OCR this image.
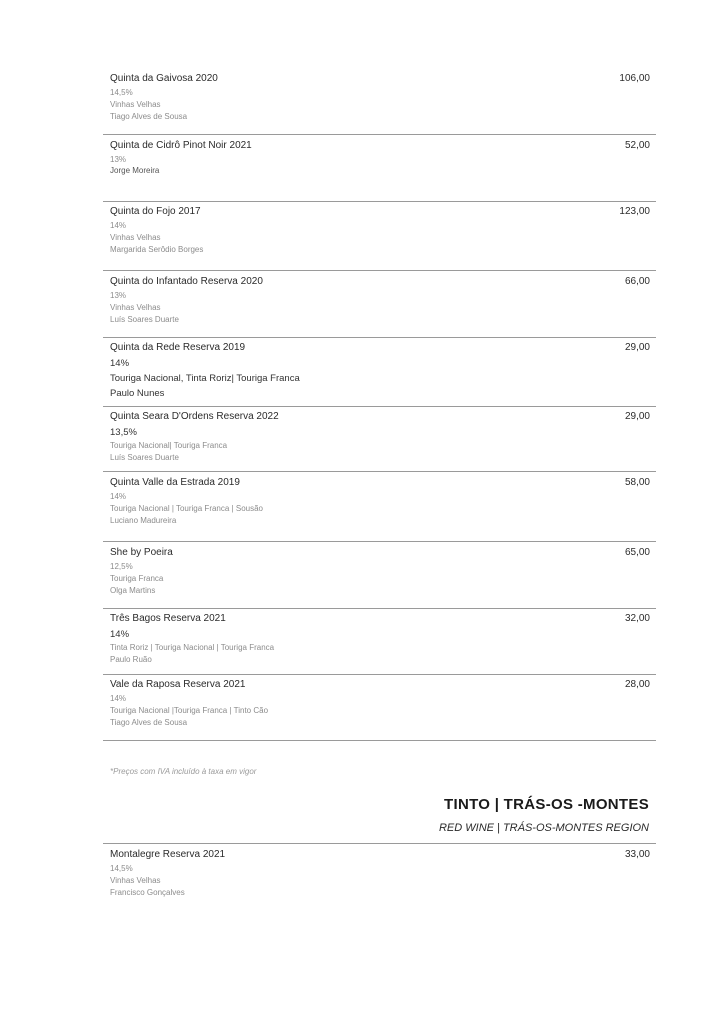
Quinta da Gaivosa 2020	106,00
14,5%
Vinhas Velhas
Tiago Alves de Sousa
Quinta de Cidrô Pinot Noir 2021	52,00
13%
Jorge Moreira
Quinta do Fojo 2017	123,00
14%
Vinhas Velhas
Margarida Serôdio Borges
Quinta do Infantado Reserva 2020	66,00
13%
Vinhas Velhas
Luís Soares Duarte
Quinta da Rede Reserva 2019	29,00
14%
Touriga Nacional, Tinta Roriz| Touriga Franca
Paulo Nunes
Quinta Seara D'Ordens Reserva 2022	29,00
13,5%
Touriga Nacional| Touriga Franca
Luís Soares Duarte
Quinta Valle da Estrada 2019	58,00
14%
Touriga Nacional | Touriga Franca | Sousão
Luciano Madureira
She by Poeira	65,00
12,5%
Touriga Franca
Olga Martins
Três Bagos Reserva 2021	32,00
14%
Tinta Roriz | Touriga Nacional | Touriga Franca
Paulo Ruão
Vale da Raposa Reserva 2021	28,00
14%
Touriga Nacional |Touriga Franca | Tinto Cão
Tiago Alves de Sousa
*Preços com IVA incluído à taxa em vigor
TINTO | TRÁS-OS -MONTES
RED WINE | TRÁS-OS-MONTES REGION
Montalegre Reserva 2021	33,00
14,5%
Vinhas Velhas
Francisco Gonçalves
